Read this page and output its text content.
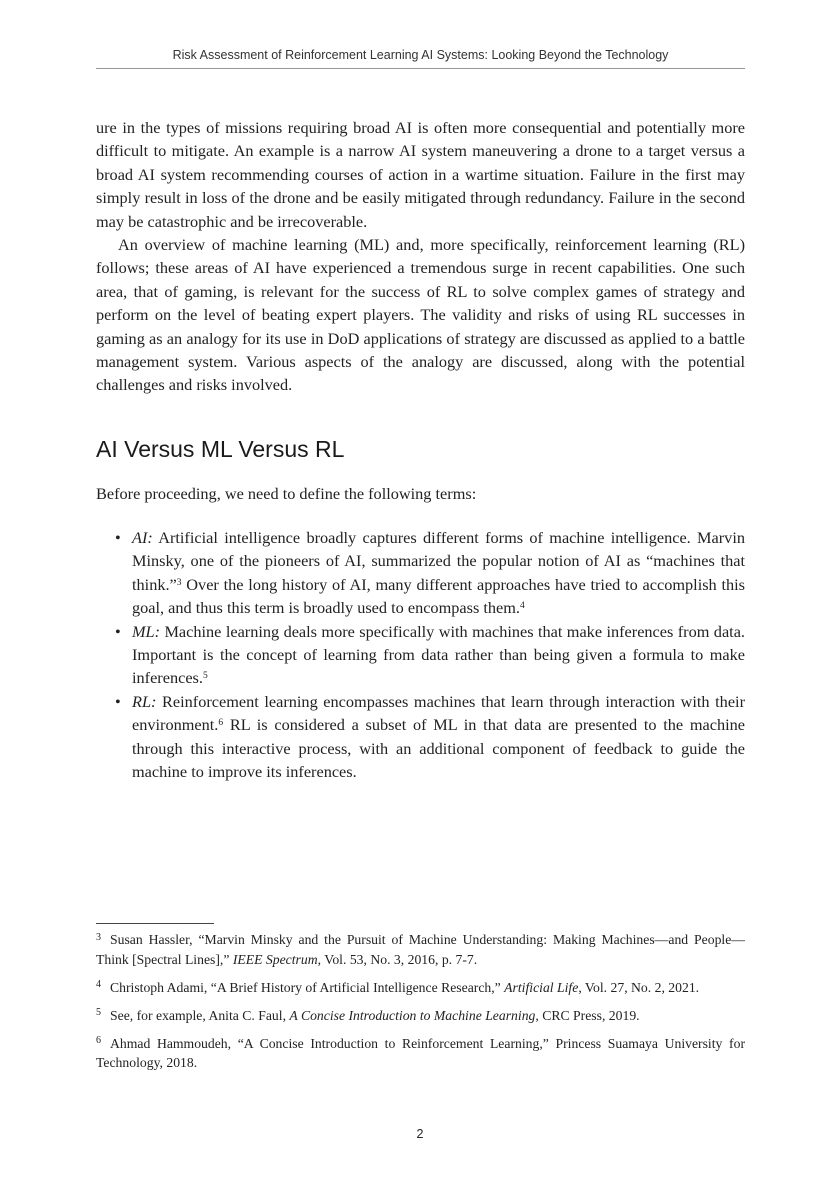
Risk Assessment of Reinforcement Learning AI Systems: Looking Beyond the Technology

ure in the types of missions requiring broad AI is often more consequential and potentially more difficult to mitigate. An example is a narrow AI system maneuvering a drone to a target versus a broad AI system recommending courses of action in a wartime situation. Failure in the first may simply result in loss of the drone and be easily mitigated through redundancy. Failure in the second may be catastrophic and be irrecoverable.

An overview of machine learning (ML) and, more specifically, reinforcement learning (RL) follows; these areas of AI have experienced a tremendous surge in recent capabilities. One such area, that of gaming, is relevant for the success of RL to solve complex games of strategy and perform on the level of beating expert players. The validity and risks of using RL successes in gaming as an analogy for its use in DoD applications of strategy are discussed as applied to a battle management system. Various aspects of the analogy are discussed, along with the potential challenges and risks involved.

AI Versus ML Versus RL

Before proceeding, we need to define the following terms:

• AI: Artificial intelligence broadly captures different forms of machine intelligence. Marvin Minsky, one of the pioneers of AI, summarized the popular notion of AI as “machines that think.”$^3$ Over the long history of AI, many different approaches have tried to accomplish this goal, and thus this term is broadly used to encompass them.$^4$
• ML: Machine learning deals more specifically with machines that make inferences from data. Important is the concept of learning from data rather than being given a formula to make inferences.$^5$
• RL: Reinforcement learning encompasses machines that learn through interaction with their environment.$^6$ RL is considered a subset of ML in that data are presented to the machine through this interactive process, with an additional component of feedback to guide the machine to improve its inferences.

$^3$ Susan Hassler, “Marvin Minsky and the Pursuit of Machine Understanding: Making Machines—and People—Think [Spectral Lines],” IEEE Spectrum, Vol. 53, No. 3, 2016, p. 7-7.

$^4$ Christoph Adami, “A Brief History of Artificial Intelligence Research,” Artificial Life, Vol. 27, No. 2, 2021.

$^5$ See, for example, Anita C. Faul, A Concise Introduction to Machine Learning, CRC Press, 2019.

$^6$ Ahmad Hammoudeh, “A Concise Introduction to Reinforcement Learning,” Princess Suamaya University for Technology, 2018.

2
